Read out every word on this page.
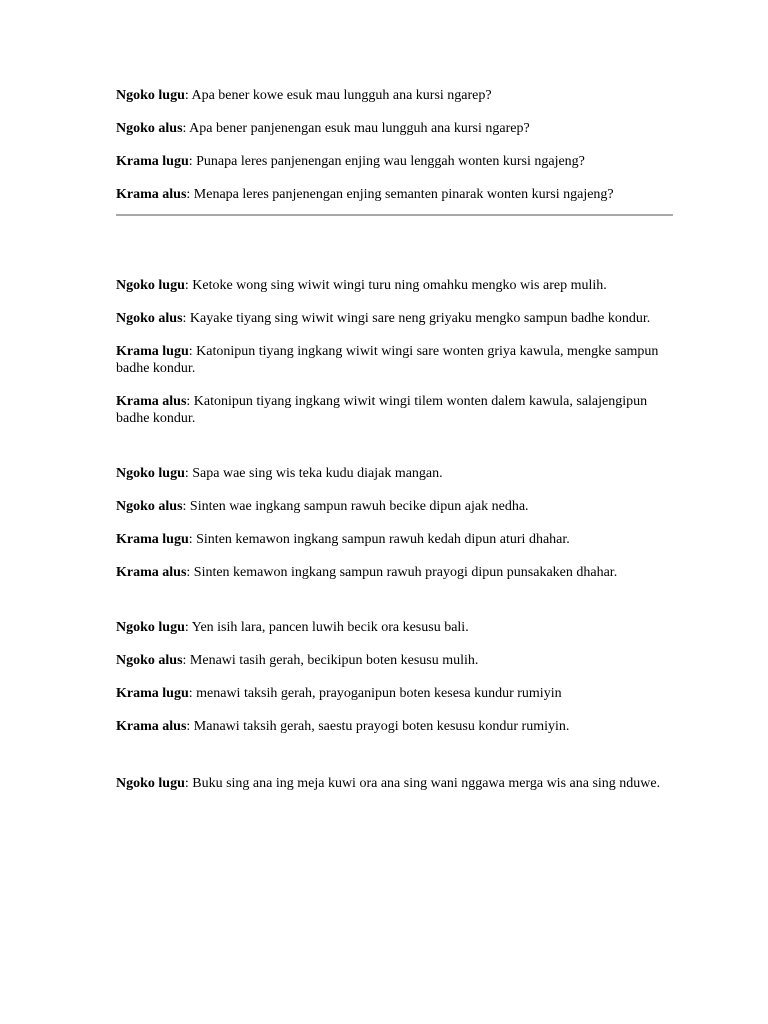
Ngoko lugu: Apa bener kowe esuk mau lungguh ana kursi ngarep?

Ngoko alus: Apa bener panjenengan esuk mau lungguh ana kursi ngarep?

Krama lugu: Punapa leres panjenengan enjing wau lenggah wonten kursi ngajeng?

Krama alus: Menapa leres panjenengan enjing semanten pinarak wonten kursi ngajeng?

Ngoko lugu: Ketoke wong sing wiwit wingi turu ning omahku mengko wis arep mulih.

Ngoko alus: Kayake tiyang sing wiwit wingi sare neng griyaku mengko sampun badhe kondur.

Krama lugu: Katonipun tiyang ingkang wiwit wingi sare wonten griya kawula, mengke sampun badhe kondur.

Krama alus: Katonipun tiyang ingkang wiwit wingi tilem wonten dalem kawula, salajengipun badhe kondur.

Ngoko lugu: Sapa wae sing wis teka kudu diajak mangan.

Ngoko alus: Sinten wae ingkang sampun rawuh becike dipun ajak nedha.

Krama lugu: Sinten kemawon ingkang sampun rawuh kedah dipun aturi dhahar.

Krama alus: Sinten kemawon ingkang sampun rawuh prayogi dipun punsakaken dhahar.

Ngoko lugu: Yen isih lara, pancen luwih becik ora kesusu bali.

Ngoko alus: Menawi tasih gerah, becikipun boten kesusu mulih.

Krama lugu: menawi taksih gerah, prayoganipun boten kesesa kundur rumiyin

Krama alus: Manawi taksih gerah, saestu prayogi boten kesusu kondur rumiyin.

Ngoko lugu: Buku sing ana ing meja kuwi ora ana sing wani nggawa merga wis ana sing nduwe.
